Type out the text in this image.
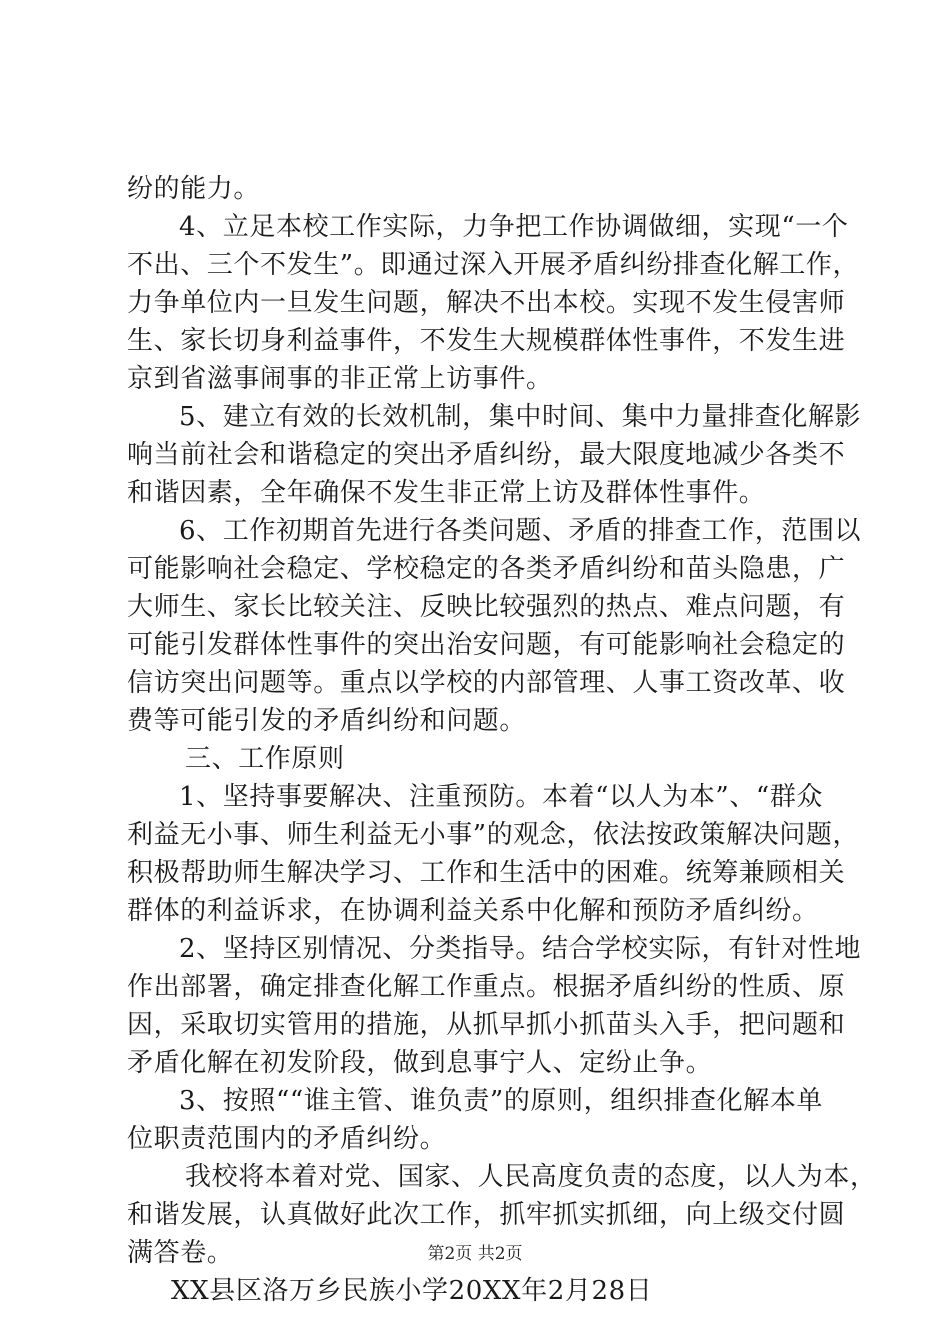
纷的能力。
4、立足本校工作实际，力争把工作协调做细，实现“一个
不出、三个不发生”。即通过深入开展矛盾纠纷排查化解工作，
力争单位内一旦发生问题，解决不出本校。实现不发生侵害师
生、家长切身利益事件，不发生大规模群体性事件，不发生进
京到省滋事闹事的非正常上访事件。
5、建立有效的长效机制，集中时间、集中力量排查化解影
响当前社会和谐稳定的突出矛盾纠纷，最大限度地减少各类不
和谐因素，全年确保不发生非正常上访及群体性事件。
6、工作初期首先进行各类问题、矛盾的排查工作，范围以
可能影响社会稳定、学校稳定的各类矛盾纠纷和苗头隐患，广
大师生、家长比较关注、反映比较强烈的热点、难点问题，有
可能引发群体性事件的突出治安问题，有可能影响社会稳定的
信访突出问题等。重点以学校的内部管理、人事工资改革、收
费等可能引发的矛盾纠纷和问题。
三、工作原则
1、坚持事要解决、注重预防。本着“以人为本”、“群众
利益无小事、师生利益无小事”的观念，依法按政策解决问题，
积极帮助师生解决学习、工作和生活中的困难。统筹兼顾相关
群体的利益诉求，在协调利益关系中化解和预防矛盾纠纷。
2、坚持区别情况、分类指导。结合学校实际，有针对性地
作出部署，确定排查化解工作重点。根据矛盾纠纷的性质、原
因，采取切实管用的措施，从抓早抓小抓苗头入手，把问题和
矛盾化解在初发阶段，做到息事宁人、定纷止争。
3、按照““谁主管、谁负责”的原则，组织排查化解本单
位职责范围内的矛盾纠纷。
我校将本着对党、国家、人民高度负责的态度，以人为本，
和谐发展，认真做好此次工作，抓牢抓实抓细，向上级交付圆
满答卷。
XX县区洛万乡民族小学20XX年2月28日
第2页 共2页
